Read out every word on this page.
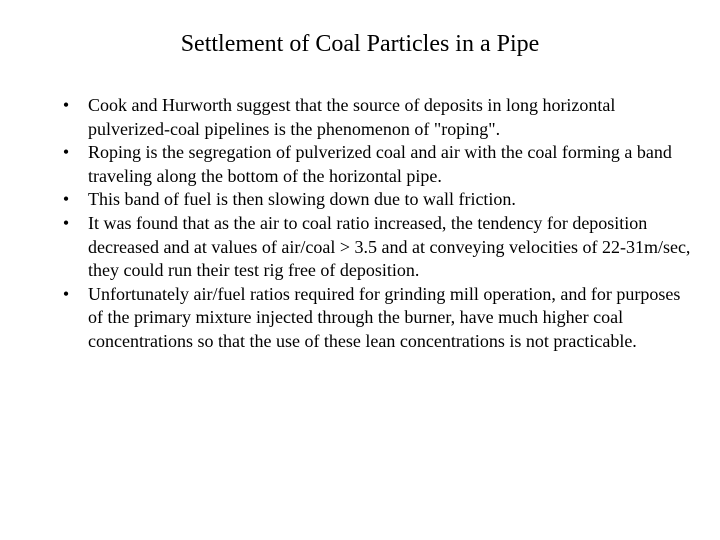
Settlement of Coal Particles in a Pipe
•	Cook and Hurworth suggest that the source of deposits in long horizontal pulverized-coal pipelines is the phenomenon of "roping".
•	Roping is the segregation of pulverized coal and air with the coal forming a band traveling along the bottom of the horizontal pipe.
•	This band of fuel is then slowing down due to wall friction.
•	It was found that as the air to coal ratio increased, the tendency for deposition decreased and at values of air/coal > 3.5 and at conveying velocities of 22-31m/sec, they could run their test rig free of deposition.
•	Unfortunately air/fuel ratios required for grinding mill operation, and for purposes of the primary mixture injected through the burner, have much higher coal concentrations so that the use of these lean concentrations is not practicable.
